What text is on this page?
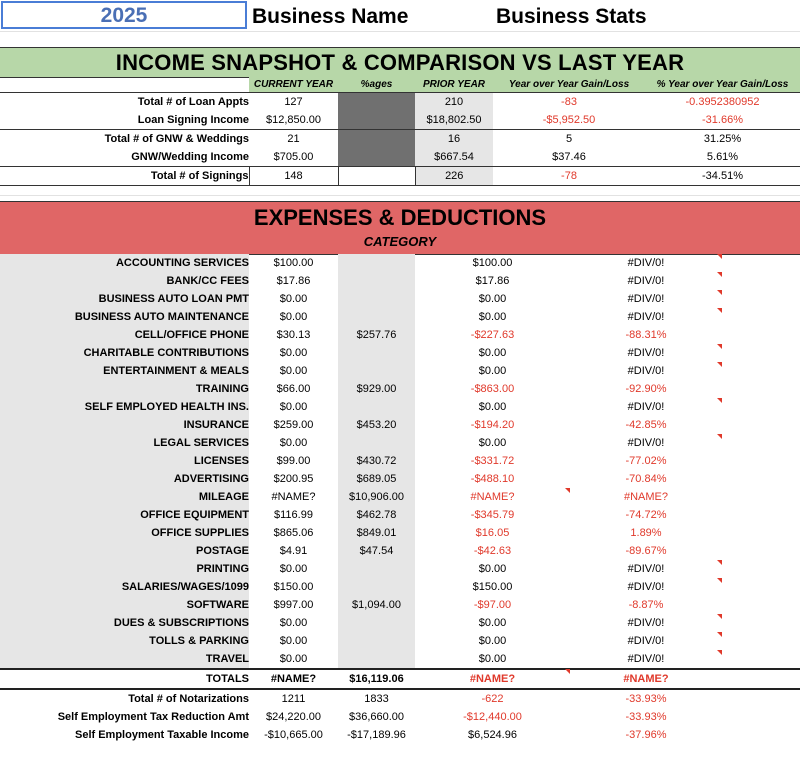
2025	Business Name	Business Stats
INCOME SNAPSHOT & COMPARISON VS LAST YEAR
CURRENT YEAR	%ages	PRIOR YEAR	Year over Year Gain/Loss	% Year over Year Gain/Loss
Total # of Loan Appts	127		210	-83	-0.3952380952
Loan Signing Income	$12,850.00		$18,802.50	-$5,952.50	-31.66%
Total # of GNW & Weddings	21		16	5	31.25%
GNW/Wedding Income	$705.00		$667.54	$37.46	5.61%
Total # of Signings	148		226	-78	-34.51%
EXPENSES & DEDUCTIONS
CATEGORY
ACCOUNTING SERVICES	$100.00		$100.00	#DIV/0!	
BANK/CC FEES	$17.86		$17.86	#DIV/0!	
BUSINESS AUTO LOAN PMT	$0.00		$0.00	#DIV/0!	
BUSINESS AUTO MAINTENANCE	$0.00		$0.00	#DIV/0!	
CELL/OFFICE PHONE	$30.13	$257.76	-$227.63	-88.31%	
CHARITABLE CONTRIBUTIONS	$0.00		$0.00	#DIV/0!	
ENTERTAINMENT & MEALS	$0.00		$0.00	#DIV/0!	
TRAINING	$66.00	$929.00	-$863.00	-92.90%	
SELF EMPLOYED HEALTH INS.	$0.00		$0.00	#DIV/0!	
INSURANCE	$259.00	$453.20	-$194.20	-42.85%	
LEGAL SERVICES	$0.00		$0.00	#DIV/0!	
LICENSES	$99.00	$430.72	-$331.72	-77.02%	
ADVERTISING	$200.95	$689.05	-$488.10	-70.84%	
MILEAGE	#NAME?	$10,906.00	#NAME?	#NAME?	
OFFICE EQUIPMENT	$116.99	$462.78	-$345.79	-74.72%	
OFFICE SUPPLIES	$865.06	$849.01	$16.05	1.89%	
POSTAGE	$4.91	$47.54	-$42.63	-89.67%	
PRINTING	$0.00		$0.00	#DIV/0!	
SALARIES/WAGES/1099	$150.00		$150.00	#DIV/0!	
SOFTWARE	$997.00	$1,094.00	-$97.00	-8.87%	
DUES & SUBSCRIPTIONS	$0.00		$0.00	#DIV/0!	
TOLLS & PARKING	$0.00		$0.00	#DIV/0!	
TRAVEL	$0.00		$0.00	#DIV/0!	
TOTALS	#NAME?	$16,119.06	#NAME?	#NAME?	
Total # of Notarizations	1211	1833	-622	-33.93%	
Self Employment Tax Reduction Amt	$24,220.00	$36,660.00	-$12,440.00	-33.93%	
Self Employment Taxable Income	-$10,665.00	-$17,189.96	$6,524.96	-37.96%	
